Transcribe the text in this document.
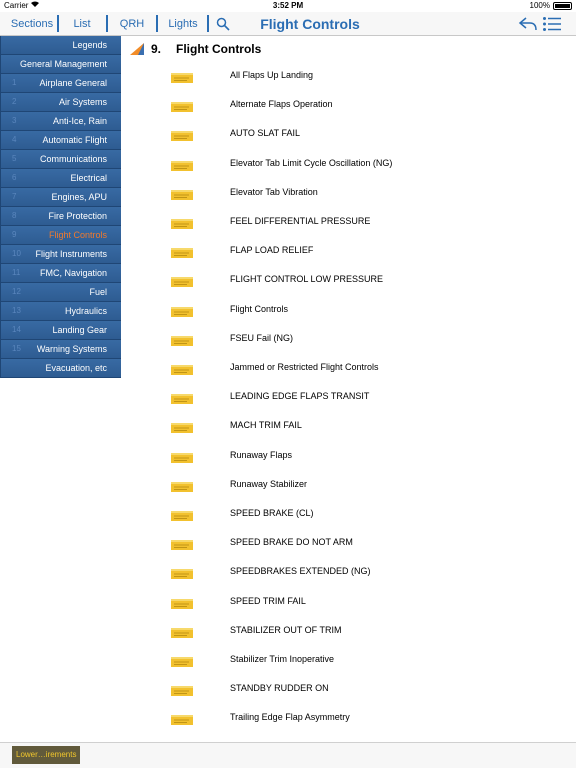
Carrier	3:52 PM	100%
Sections	List	QRH	Lights	Flight Controls
Legends
General Management
1	Airplane General
2	Air Systems
3	Anti-Ice, Rain
4	Automatic Flight
5	Communications
6	Electrical
7	Engines, APU
8	Fire Protection
9	Flight Controls
10 Flight Instruments
11 FMC, Navigation
12	Fuel
13	Hydraulics
14	Landing Gear
15 Warning Systems
Evacuation, etc
9. Flight Controls
All Flaps Up Landing
Alternate Flaps Operation
AUTO SLAT FAIL
Elevator Tab Limit Cycle Oscillation (NG)
Elevator Tab Vibration
FEEL DIFFERENTIAL PRESSURE
FLAP LOAD RELIEF
FLIGHT CONTROL LOW PRESSURE
Flight Controls
FSEU Fail (NG)
Jammed or Restricted Flight Controls
LEADING EDGE FLAPS TRANSIT
MACH TRIM FAIL
Runaway Flaps
Runaway Stabilizer
SPEED BRAKE (CL)
SPEED BRAKE DO NOT ARM
SPEEDBRAKES EXTENDED (NG)
SPEED TRIM FAIL
STABILIZER OUT OF TRIM
Stabilizer Trim Inoperative
STANDBY RUDDER ON
Trailing Edge Flap Asymmetry
Lower…irements
